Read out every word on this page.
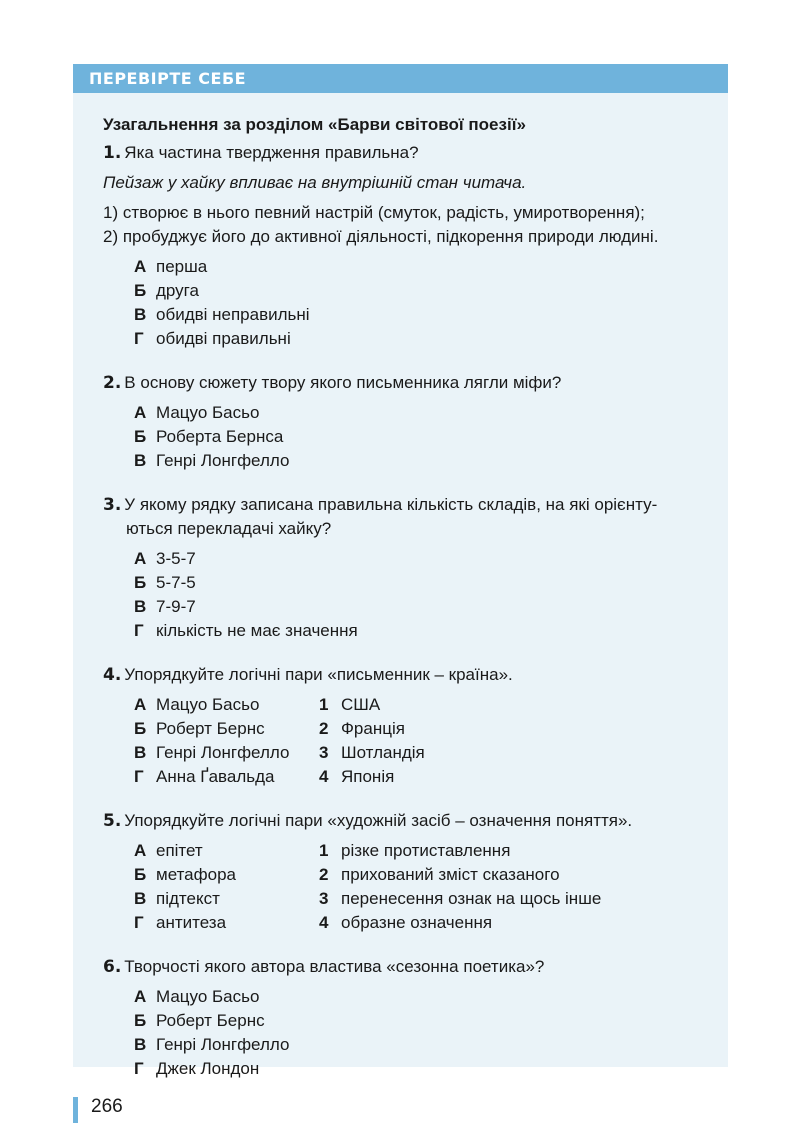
ПЕРЕВІРТЕ СЕБЕ
Узагальнення за розділом «Барви світової поезії»
1. Яка частина твердження правильна?
Пейзаж у хайку впливає на внутрішній стан читача.
1) створює в нього певний настрій (смуток, радість, умиротворення);
2) пробуджує його до активної діяльності, підкорення природи людині.
А перша
Б друга
В обидві неправильні
Г обидві правильні
2. В основу сюжету твору якого письменника лягли міфи?
А Мацуо Басьо
Б Роберта Бернса
В Генрі Лонгфелло
3. У якому рядку записана правильна кількість складів, на які орієнту-
ються перекладачі хайку?
А 3-5-7
Б 5-7-5
В 7-9-7
Г кількість не має значення
4. Упорядкуйте логічні пари «письменник – країна».
А Мацуо Басьо	1 США
Б Роберт Бернс	2 Франція
В Генрі Лонгфелло	3 Шотландія
Г Анна Ґавальда	4 Японія
5. Упорядкуйте логічні пари «художній засіб – означення поняття».
А епітет	1 різке протиставлення
Б метафора	2 прихований зміст сказаного
В підтекст	3 перенесення ознак на щось інше
Г антитеза	4 образне означення
6. Творчості якого автора властива «сезонна поетика»?
А Мацуо Басьо
Б Роберт Бернс
В Генрі Лонгфелло
Г Джек Лондон
266
